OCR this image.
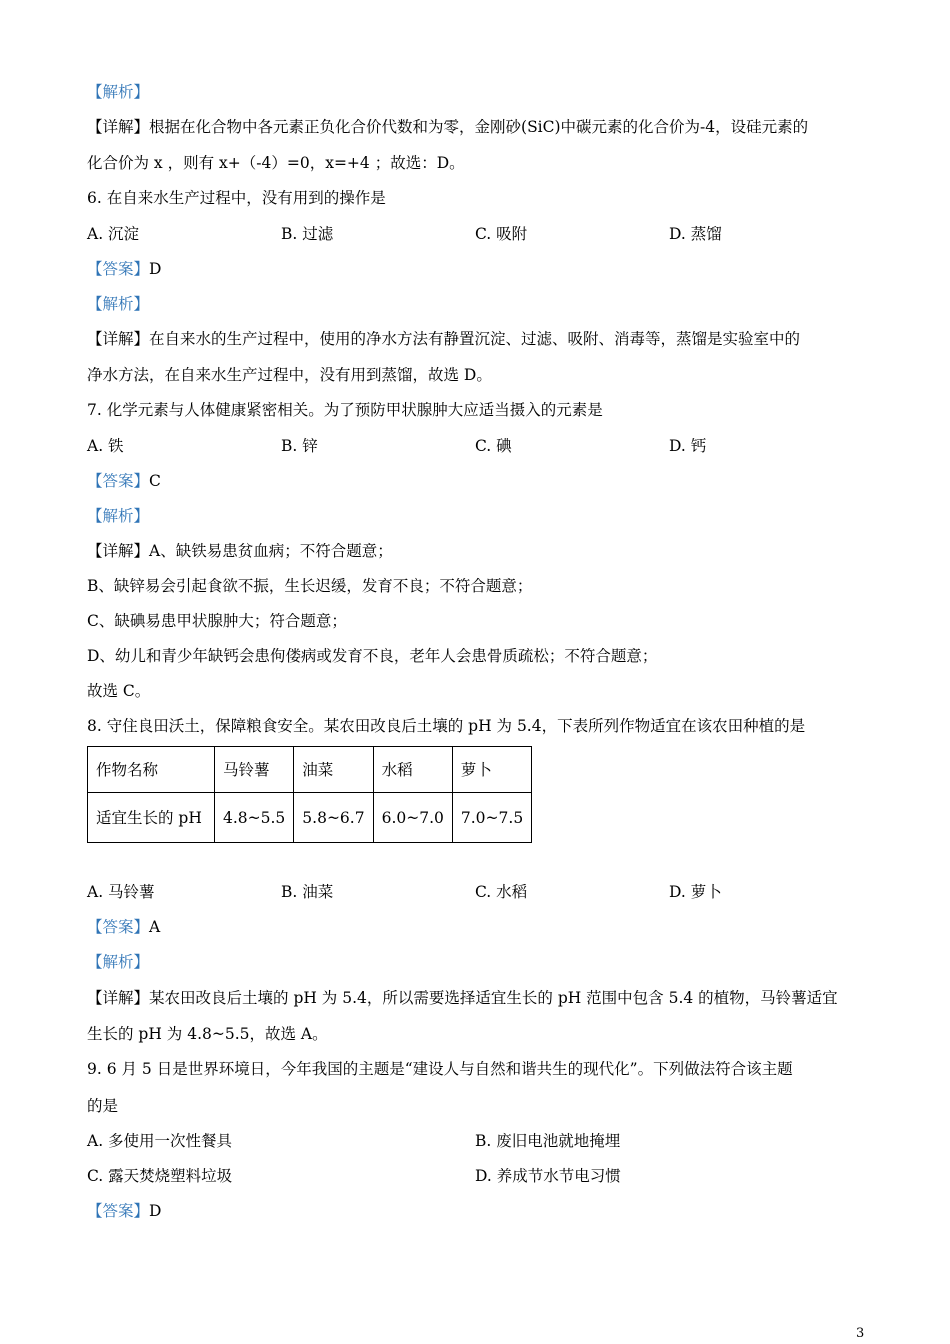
【解析】
【详解】根据在化合物中各元素正负化合价代数和为零，金刚砂(SiC)中碳元素的化合价为-4，设硅元素的
化合价为 x ，则有 x+（-4）=0，x=+4 ；故选：D。
6. 在自来水生产过程中，没有用到的操作是
A. 沉淀	B. 过滤	C. 吸附	D. 蒸馏
【答案】D
【解析】
【详解】在自来水的生产过程中，使用的净水方法有静置沉淀、过滤、吸附、消毒等，蒸馏是实验室中的
净水方法，在自来水生产过程中，没有用到蒸馏，故选 D。
7. 化学元素与人体健康紧密相关。为了预防甲状腺肿大应适当摄入的元素是
A. 铁	B. 锌	C. 碘	D. 钙
【答案】C
【解析】
【详解】A、缺铁易患贫血病；不符合题意；
B、缺锌易会引起食欲不振，生长迟缓，发育不良；不符合题意；
C、缺碘易患甲状腺肿大；符合题意；
D、幼儿和青少年缺钙会患佝偻病或发育不良，老年人会患骨质疏松；不符合题意；
故选 C。
8. 守住良田沃土，保障粮食安全。某农田改良后土壤的 pH 为 5.4，下表所列作物适宜在该农田种植的是
作物名称	马铃薯	油菜	水稻	萝卜
适宜生长的 pH	4.8~5.5	5.8~6.7	6.0~7.0	7.0~7.5
A. 马铃薯	B. 油菜	C. 水稻	D. 萝卜
【答案】A
【解析】
【详解】某农田改良后土壤的 pH 为 5.4，所以需要选择适宜生长的 pH 范围中包含 5.4 的植物，马铃薯适宜
生长的 pH 为 4.8~5.5，故选 A。
9. 6 月 5 日是世界环境日，今年我国的主题是“建设人与自然和谐共生的现代化”。下列做法符合该主题
的是
A. 多使用一次性餐具	B. 废旧电池就地掩埋
C. 露天焚烧塑料垃圾	D. 养成节水节电习惯
【答案】D
3
